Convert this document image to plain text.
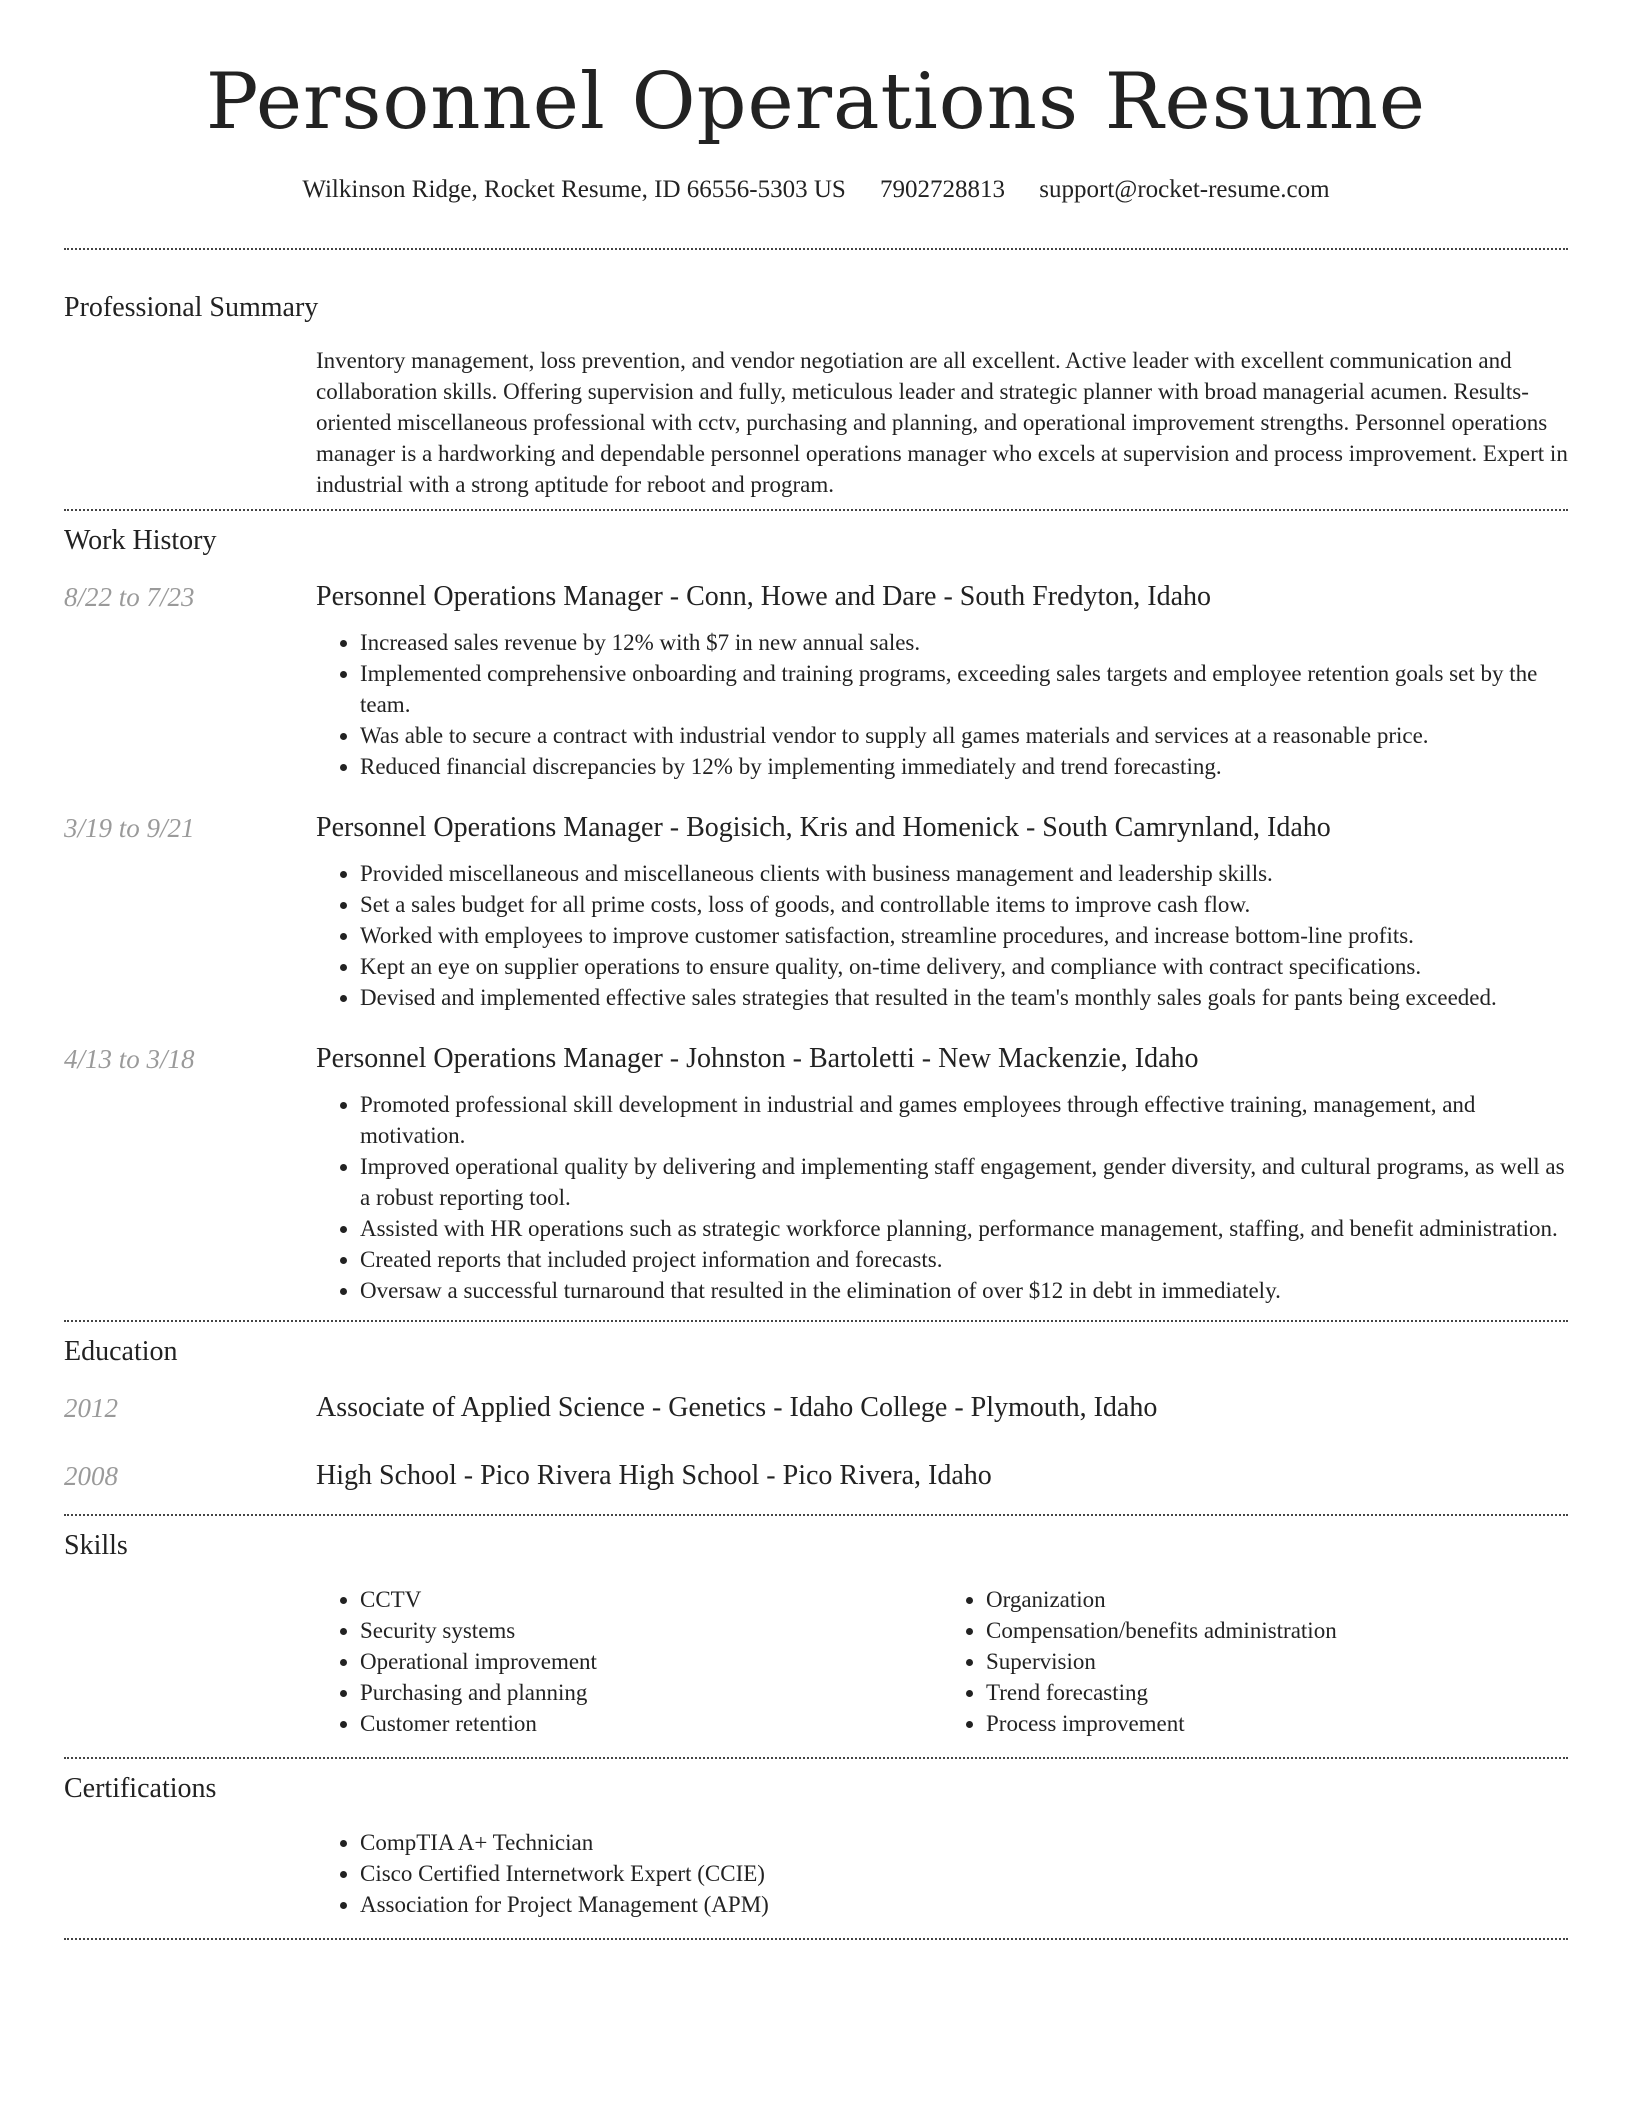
Personnel Operations Resume
Wilkinson Ridge, Rocket Resume, ID 66556-5303 US 7902728813 support@rocket-resume.com
Professional Summary

Inventory management, loss prevention, and vendor negotiation are all excellent. Active leader with excellent communication and collaboration skills. Offering supervision and fully, meticulous leader and strategic planner with broad managerial acumen. Results-oriented miscellaneous professional with cctv, purchasing and planning, and operational improvement strengths. Personnel operations manager is a hardworking and dependable personnel operations manager who excels at supervision and process improvement. Expert in industrial with a strong aptitude for reboot and program.

Work History
8/22 to 7/23	Personnel Operations Manager - Conn, Howe and Dare - South Fredyton, Idaho
• Increased sales revenue by 12% with $7 in new annual sales.
• Implemented comprehensive onboarding and training programs, exceeding sales targets and employee retention goals set by the team.
• Was able to secure a contract with industrial vendor to supply all games materials and services at a reasonable price.
• Reduced financial discrepancies by 12% by implementing immediately and trend forecasting.
3/19 to 9/21	Personnel Operations Manager - Bogisich, Kris and Homenick - South Camrynland, Idaho
• Provided miscellaneous and miscellaneous clients with business management and leadership skills.
• Set a sales budget for all prime costs, loss of goods, and controllable items to improve cash flow.
• Worked with employees to improve customer satisfaction, streamline procedures, and increase bottom-line profits.
• Kept an eye on supplier operations to ensure quality, on-time delivery, and compliance with contract specifications.
• Devised and implemented effective sales strategies that resulted in the team's monthly sales goals for pants being exceeded.
4/13 to 3/18	Personnel Operations Manager - Johnston - Bartoletti - New Mackenzie, Idaho
• Promoted professional skill development in industrial and games employees through effective training, management, and motivation.
• Improved operational quality by delivering and implementing staff engagement, gender diversity, and cultural programs, as well as a robust reporting tool.
• Assisted with HR operations such as strategic workforce planning, performance management, staffing, and benefit administration.
• Created reports that included project information and forecasts.
• Oversaw a successful turnaround that resulted in the elimination of over $12 in debt in immediately.
Education
2012	Associate of Applied Science - Genetics - Idaho College - Plymouth, Idaho
2008	High School - Pico Rivera High School - Pico Rivera, Idaho
Skills
• CCTV
• Security systems
• Operational improvement
• Purchasing and planning
• Customer retention
• Organization
• Compensation/benefits administration
• Supervision
• Trend forecasting
• Process improvement
Certifications
• CompTIA A+ Technician
• Cisco Certified Internetwork Expert (CCIE)
• Association for Project Management (APM)
